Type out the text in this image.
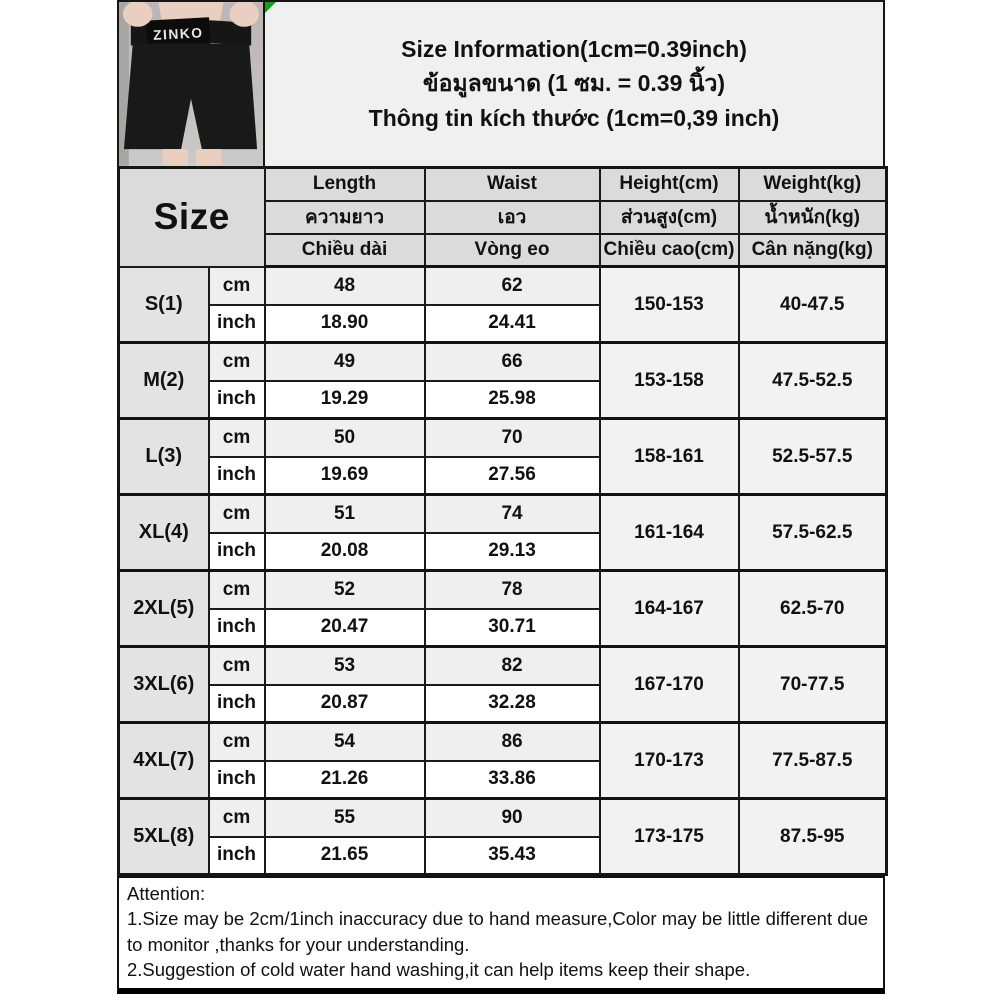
ZINKO
Size Information(1cm=0.39inch)
ข้อมูลขนาด (1 ซม. = 0.39 นิ้ว)
Thông tin kích thước (1cm=0,39 inch)
Size		Length	Waist	Height(cm)	Weight(kg)
		ความยาว	เอว	ส่วนสูง(cm)	น้ำหนัก(kg)
		Chiều dài	Vòng eo	Chiều cao(cm)	Cân nặng(kg)
S(1)	cm	48	62	150-153	40-47.5
	inch	18.90	24.41		
M(2)	cm	49	66	153-158	47.5-52.5
	inch	19.29	25.98		
L(3)	cm	50	70	158-161	52.5-57.5
	inch	19.69	27.56		
XL(4)	cm	51	74	161-164	57.5-62.5
	inch	20.08	29.13		
2XL(5)	cm	52	78	164-167	62.5-70
	inch	20.47	30.71		
3XL(6)	cm	53	82	167-170	70-77.5
	inch	20.87	32.28		
4XL(7)	cm	54	86	170-173	77.5-87.5
	inch	21.26	33.86		
5XL(8)	cm	55	90	173-175	87.5-95
	inch	21.65	35.43		
Attention:
1.Size may be 2cm/1inch inaccuracy due to hand measure,Color may be little different due to monitor ,thanks for your understanding.
2.Suggestion of cold water hand washing,it can help items keep their shape.
